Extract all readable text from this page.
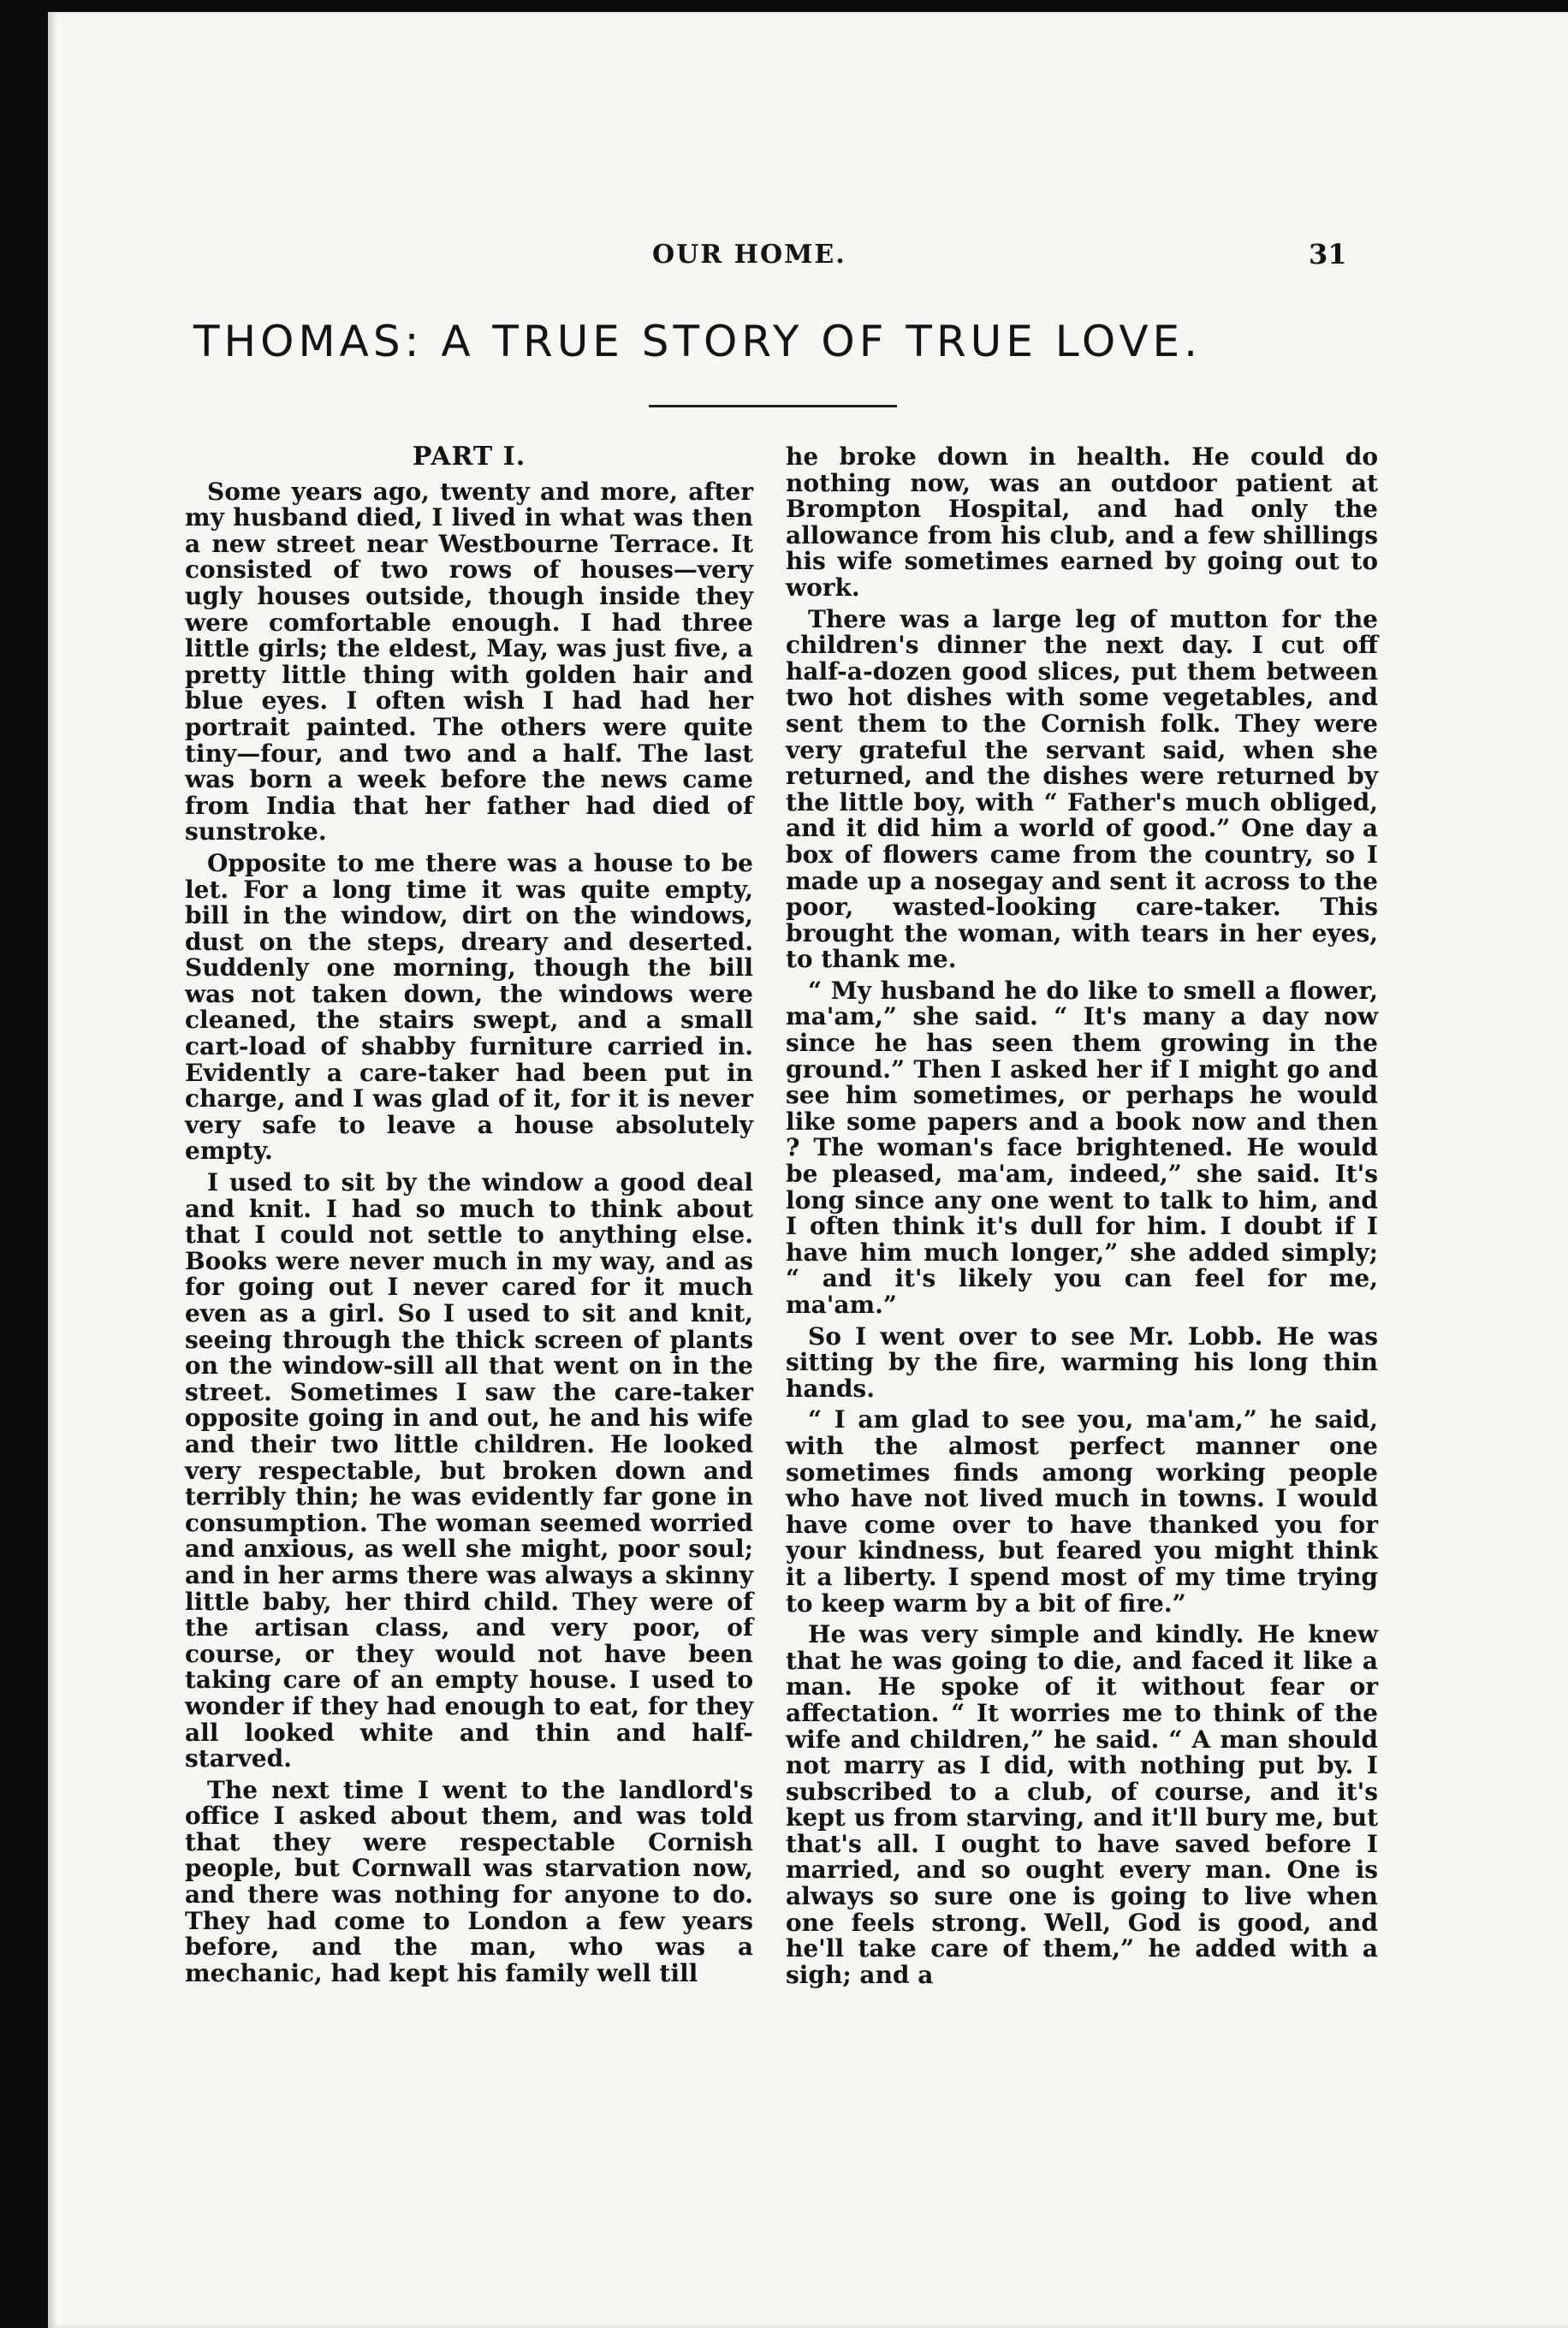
OUR HOME.	31
THOMAS: A TRUE STORY OF TRUE LOVE.
PART I.

Some years ago, twenty and more, after my husband died, I lived in what was then a new street near Westbourne Terrace. It consisted of two rows of houses—very ugly houses outside, though inside they were comfortable enough. I had three little girls; the eldest, May, was just five, a pretty little thing with golden hair and blue eyes. I often wish I had had her portrait painted. The others were quite tiny—four, and two and a half. The last was born a week before the news came from India that her father had died of sunstroke.

Opposite to me there was a house to be let. For a long time it was quite empty, bill in the window, dirt on the windows, dust on the steps, dreary and deserted. Suddenly one morning, though the bill was not taken down, the windows were cleaned, the stairs swept, and a small cart-load of shabby furniture carried in. Evidently a care-taker had been put in charge, and I was glad of it, for it is never very safe to leave a house absolutely empty.

I used to sit by the window a good deal and knit. I had so much to think about that I could not settle to anything else. Books were never much in my way, and as for going out I never cared for it much even as a girl. So I used to sit and knit, seeing through the thick screen of plants on the window-sill all that went on in the street. Sometimes I saw the care-taker opposite going in and out, he and his wife and their two little children. He looked very respectable, but broken down and terribly thin; he was evidently far gone in consumption. The woman seemed worried and anxious, as well she might, poor soul; and in her arms there was always a skinny little baby, her third child. They were of the artisan class, and very poor, of course, or they would not have been taking care of an empty house. I used to wonder if they had enough to eat, for they all looked white and thin and half-starved.

The next time I went to the landlord's office I asked about them, and was told that they were respectable Cornish people, but Cornwall was starvation now, and there was nothing for anyone to do. They had come to London a few years before, and the man, who was a mechanic, had kept his family well till

he broke down in health. He could do nothing now, was an outdoor patient at Brompton Hospital, and had only the allowance from his club, and a few shillings his wife sometimes earned by going out to work.

There was a large leg of mutton for the children's dinner the next day. I cut off half-a-dozen good slices, put them between two hot dishes with some vegetables, and sent them to the Cornish folk. They were very grateful the servant said, when she returned, and the dishes were returned by the little boy, with “ Father's much obliged, and it did him a world of good.” One day a box of flowers came from the country, so I made up a nosegay and sent it across to the poor, wasted-looking care-taker. This brought the woman, with tears in her eyes, to thank me.

“ My husband he do like to smell a flower, ma'am,” she said. “ It's many a day now since he has seen them growing in the ground.” Then I asked her if I might go and see him sometimes, or perhaps he would like some papers and a book now and then ? The woman's face brightened. He would be pleased, ma'am, indeed,” she said. It's long since any one went to talk to him, and I often think it's dull for him. I doubt if I have him much longer,” she added simply; “ and it's likely you can feel for me, ma'am.”

So I went over to see Mr. Lobb. He was sitting by the fire, warming his long thin hands.

“ I am glad to see you, ma'am,” he said, with the almost perfect manner one sometimes finds among working people who have not lived much in towns. I would have come over to have thanked you for your kindness, but feared you might think it a liberty. I spend most of my time trying to keep warm by a bit of fire.”

He was very simple and kindly. He knew that he was going to die, and faced it like a man. He spoke of it without fear or affectation. “ It worries me to think of the wife and children,” he said. “ A man should not marry as I did, with nothing put by. I subscribed to a club, of course, and it's kept us from starving, and it'll bury me, but that's all. I ought to have saved before I married, and so ought every man. One is always so sure one is going to live when one feels strong. Well, God is good, and he'll take care of them,” he added with a sigh; and a
